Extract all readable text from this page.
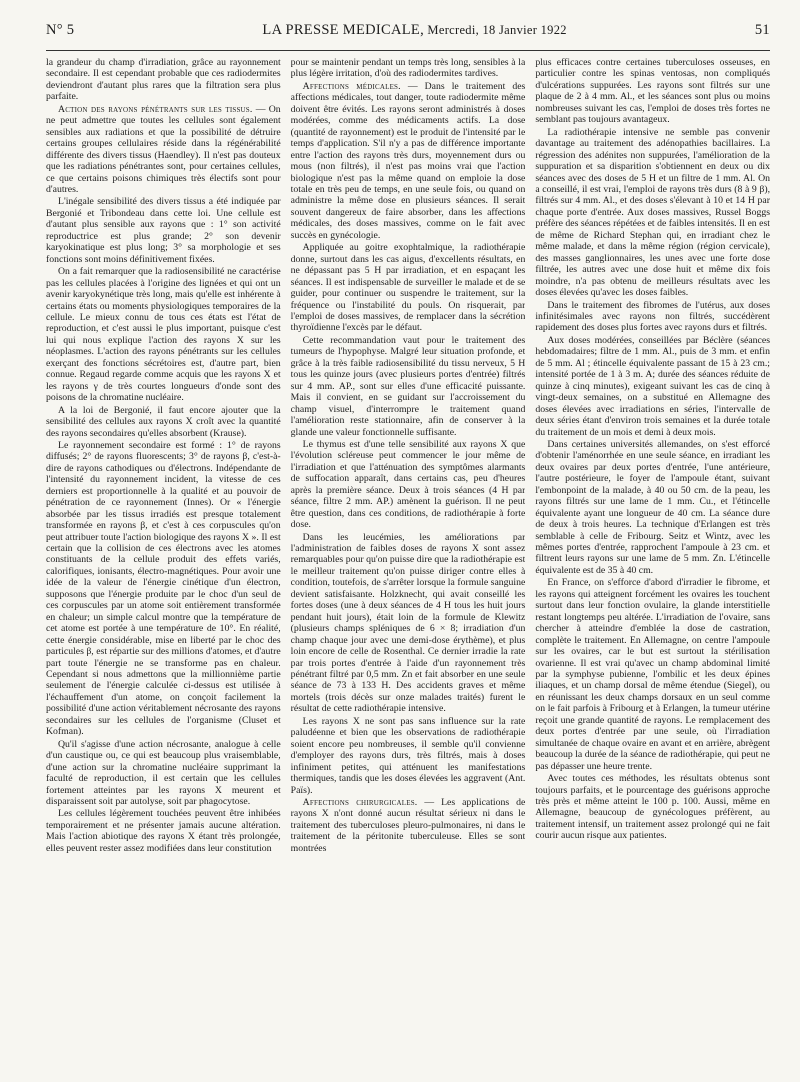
N° 5	LA PRESSE MEDICALE, Mercredi, 18 Janvier 1922	51

la grandeur du champ d'irradiation, grâce au rayonnement secondaire. Il est cependant probable que ces radiodermites deviendront d'autant plus rares que la filtration sera plus parfaite.

Action des rayons pénétrants sur les tissus. — On ne peut admettre que toutes les cellules sont également sensibles aux radiations et que la possibilité de détruire certains groupes cellulaires réside dans la régénérabilité différente des divers tissus (Haendley). Il n'est pas douteux que les radiations pénétrantes sont, pour certaines cellules, ce que certains poisons chimiques très électifs sont pour d'autres.

L'inégale sensibilité des divers tissus a été indiquée par Bergonié et Tribondeau dans cette loi. Une cellule est d'autant plus sensible aux rayons que : 1° son activité reproductrice est plus grande; 2° son devenir karyokinatique est plus long; 3° sa morphologie et ses fonctions sont moins définitivement fixées.

On a fait remarquer que la radiosensibilité ne caractérise pas les cellules placées à l'origine des lignées et qui ont un avenir karyokynétique très long, mais qu'elle est inhérente à certains états ou moments physiologiques temporaires de la cellule. Le mieux connu de tous ces états est l'état de reproduction, et c'est aussi le plus important, puisque c'est lui qui nous explique l'action des rayons X sur les néoplasmes. L'action des rayons pénétrants sur les cellules exerçant des fonctions sécrétoires est, d'autre part, bien connue. Regaud regarde comme acquis que les rayons X et les rayons γ de très courtes longueurs d'onde sont des poisons de la chromatine nucléaire.

A la loi de Bergonié, il faut encore ajouter que la sensibilité des cellules aux rayons X croît avec la quantité des rayons secondaires qu'elles absorbent (Krause).

Le rayonnement secondaire est formé : 1° de rayons diffusés; 2° de rayons fluorescents; 3° de rayons β, c'est-à-dire de rayons cathodiques ou d'électrons. Indépendante de l'intensité du rayonnement incident, la vitesse de ces derniers est proportionnelle à la qualité et au pouvoir de pénétration de ce rayonnement (Innes). Or « l'énergie absorbée par les tissus irradiés est presque totalement transformée en rayons β, et c'est à ces corpuscules qu'on peut attribuer toute l'action biologique des rayons X ». Il est certain que la collision de ces électrons avec les atomes constituants de la cellule produit des effets variés, calorifiques, ionisants, électro-magnétiques. Pour avoir une idée de la valeur de l'énergie cinétique d'un électron, supposons que l'énergie produite par le choc d'un seul de ces corpuscules par un atome soit entièrement transformée en chaleur; un simple calcul montre que la température de cet atome est portée à une température de 10°. En réalité, cette énergie considérable, mise en liberté par le choc des particules β, est répartie sur des millions d'atomes, et d'autre part toute l'énergie ne se transforme pas en chaleur. Cependant si nous admettons que la millionnième partie seulement de l'énergie calculée ci-dessus est utilisée à l'échauffement d'un atome, on conçoit facilement la possibilité d'une action véritablement nécrosante des rayons secondaires sur les cellules de l'organisme (Cluset et Kofman).

Qu'il s'agisse d'une action nécrosante, analogue à celle d'un caustique ou, ce qui est beaucoup plus vraisemblable, d'une action sur la chromatine nucléaire supprimant la faculté de reproduction, il est certain que les cellules fortement atteintes par les rayons X meurent et disparaissent soit par autolyse, soit par phagocytose.

Les cellules légèrement touchées peuvent être inhibées temporairement et ne présenter jamais aucune altération. Mais l'action abiotique des rayons X étant très prolongée, elles peuvent rester assez modifiées dans leur constitution

pour se maintenir pendant un temps très long, sensibles à la plus légère irritation, d'où des radiodermites tardives.

Affections médicales. — Dans le traitement des affections médicales, tout danger, toute radiodermite même doivent être évités. Les rayons seront administrés à doses modérées, comme des médicaments actifs. La dose (quantité de rayonnement) est le produit de l'intensité par le temps d'application. S'il n'y a pas de différence importante entre l'action des rayons très durs, moyennement durs ou mous (non filtrés), il n'est pas moins vrai que l'action biologique n'est pas la même quand on emploie la dose totale en très peu de temps, en une seule fois, ou quand on administre la même dose en plusieurs séances. Il serait souvent dangereux de faire absorber, dans les affections médicales, des doses massives, comme on le fait avec succès en gynécologie.

Appliquée au goitre exophtalmique, la radiothérapie donne, surtout dans les cas aigus, d'excellents résultats, en ne dépassant pas 5 H par irradiation, et en espaçant les séances. Il est indispensable de surveiller le malade et de se guider, pour continuer ou suspendre le traitement, sur la fréquence ou l'instabilité du pouls. On risquerait, par l'emploi de doses massives, de remplacer dans la sécrétion thyroïdienne l'excès par le défaut.

Cette recommandation vaut pour le traitement des tumeurs de l'hypophyse. Malgré leur situation profonde, et grâce à la très faible radiosensibilité du tissu nerveux, 5 H tous les quinze jours (avec plusieurs portes d'entrée) filtrés sur 4 mm. AP., sont sur elles d'une efficacité puissante. Mais il convient, en se guidant sur l'accroissement du champ visuel, d'interrompre le traitement quand l'amélioration reste stationnaire, afin de conserver à la glande une valeur fonctionnelle suffisante.

Le thymus est d'une telle sensibilité aux rayons X que l'évolution scléreuse peut commencer le jour même de l'irradiation et que l'atténuation des symptômes alarmants de suffocation apparaît, dans certains cas, peu d'heures après la première séance. Deux à trois séances (4 H par séance, filtre 2 mm. AP.) amènent la guérison. Il ne peut être question, dans ces conditions, de radiothérapie à forte dose.

Dans les leucémies, les améliorations par l'administration de faibles doses de rayons X sont assez remarquables pour qu'on puisse dire que la radiothérapie est le meilleur traitement qu'on puisse diriger contre elles à condition, toutefois, de s'arrêter lorsque la formule sanguine devient satisfaisante. Holzknecht, qui avait conseillé les fortes doses (une à deux séances de 4 H tous les huit jours pendant huit jours), était loin de la formule de Klewitz (plusieurs champs spléniques de 6 × 8; irradiation d'un champ chaque jour avec une demi-dose érythème), et plus loin encore de celle de Rosenthal. Ce dernier irradie la rate par trois portes d'entrée à l'aide d'un rayonnement très pénétrant filtré par 0,5 mm. Zn et fait absorber en une seule séance de 73 à 133 H. Des accidents graves et même mortels (trois décès sur onze malades traités) furent le résultat de cette radiothérapie intensive.

Les rayons X ne sont pas sans influence sur la rate paludéenne et bien que les observations de radiothérapie soient encore peu nombreuses, il semble qu'il convienne d'employer des rayons durs, très filtrés, mais à doses infiniment petites, qui atténuent les manifestations thermiques, tandis que les doses élevées les aggravent (Ant. Païs).

Affections chirurgicales. — Les applications de rayons X n'ont donné aucun résultat sérieux ni dans le traitement des tuberculoses pleuro-pulmonaires, ni dans le traitement de la péritonite tuberculeuse. Elles se sont montrées

plus efficaces contre certaines tuberculoses osseuses, en particulier contre les spinas ventosas, non compliqués d'ulcérations suppurées. Les rayons sont filtrés sur une plaque de 2 à 4 mm. Al., et les séances sont plus ou moins nombreuses suivant les cas, l'emploi de doses très fortes ne semblant pas toujours avantageux.

La radiothérapie intensive ne semble pas convenir davantage au traitement des adénopathies bacillaires. La régression des adénites non suppurées, l'amélioration de la suppuration et sa disparition s'obtiennent en deux ou dix séances avec des doses de 5 H et un filtre de 1 mm. Al. On a conseillé, il est vrai, l'emploi de rayons très durs (8 à 9 β), filtrés sur 4 mm. Al., et des doses s'élevant à 10 et 14 H par chaque porte d'entrée. Aux doses massives, Russel Boggs préfère des séances répétées et de faibles intensités. Il en est de même de Richard Stephan qui, en irradiant chez le même malade, et dans la même région (région cervicale), des masses ganglionnaires, les unes avec une forte dose filtrée, les autres avec une dose huit et même dix fois moindre, n'a pas obtenu de meilleurs résultats avec les doses élevées qu'avec les doses faibles.

Dans le traitement des fibromes de l'utérus, aux doses infinitésimales avec rayons non filtrés, succédèrent rapidement des doses plus fortes avec rayons durs et filtrés.

Aux doses modérées, conseillées par Béclère (séances hebdomadaires; filtre de 1 mm. Al., puis de 3 mm. et enfin de 5 mm. Al ; étincelle équivalente passant de 15 à 23 cm.; intensité portée de 1 à 3 m. A; durée des séances réduite de quinze à cinq minutes), exigeant suivant les cas de cinq à vingt-deux semaines, on a substitué en Allemagne des doses élevées avec irradiations en séries, l'intervalle de deux séries étant d'environ trois semaines et la durée totale du traitement de un mois et demi à deux mois.

Dans certaines universités allemandes, on s'est efforcé d'obtenir l'aménorrhée en une seule séance, en irradiant les deux ovaires par deux portes d'entrée, l'une antérieure, l'autre postérieure, le foyer de l'ampoule étant, suivant l'embonpoint de la malade, à 40 ou 50 cm. de la peau, les rayons filtrés sur une lame de 1 mm. Cu., et l'étincelle équivalente ayant une longueur de 40 cm. La séance dure de deux à trois heures. La technique d'Erlangen est très semblable à celle de Fribourg. Seitz et Wintz, avec les mêmes portes d'entrée, rapprochent l'ampoule à 23 cm. et filtrent leurs rayons sur une lame de 5 mm. Zn. L'étincelle équivalente est de 35 à 40 cm.

En France, on s'efforce d'abord d'irradier le fibrome, et les rayons qui atteignent forcément les ovaires les touchent surtout dans leur fonction ovulaire, la glande interstitielle restant longtemps peu altérée. L'irradiation de l'ovaire, sans chercher à atteindre d'emblée la dose de castration, complète le traitement. En Allemagne, on centre l'ampoule sur les ovaires, car le but est surtout la stérilisation ovarienne. Il est vrai qu'avec un champ abdominal limité par la symphyse pubienne, l'ombilic et les deux épines iliaques, et un champ dorsal de même étendue (Siegel), ou en réunissant les deux champs dorsaux en un seul comme on le fait parfois à Fribourg et à Erlangen, la tumeur utérine reçoit une grande quantité de rayons. Le remplacement des deux portes d'entrée par une seule, où l'irradiation simultanée de chaque ovaire en avant et en arrière, abrègent beaucoup la durée de la séance de radiothérapie, qui peut ne pas dépasser une heure trente.

Avec toutes ces méthodes, les résultats obtenus sont toujours parfaits, et le pourcentage des guérisons approche très près et même atteint le 100 p. 100. Aussi, même en Allemagne, beaucoup de gynécologues préfèrent, au traitement intensif, un traitement assez prolongé qui ne fait courir aucun risque aux patientes.
